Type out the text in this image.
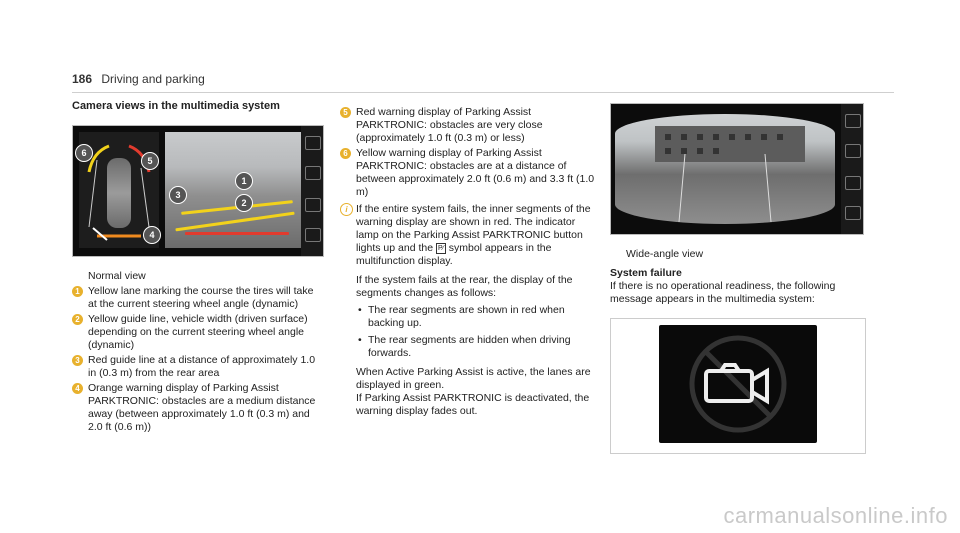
186 Driving and parking
Camera views in the multimedia system
6
5
3
1
2
4
Normal view
1 Yellow lane marking the course the tires will take at the current steering wheel angle (dynamic)
2 Yellow guide line, vehicle width (driven surface) depending on the current steering wheel angle (dynamic)
3 Red guide line at a distance of approximately 1.0 in (0.3 m) from the rear area
4 Orange warning display of Parking Assist PARKTRONIC: obstacles are a medium distance away (between approximately 1.0 ft (0.3 m) and 2.0 ft (0.6 m))
5 Red warning display of Parking Assist PARKTRONIC: obstacles are very close (approximately 1.0 ft (0.3 m) or less)
6 Yellow warning display of Parking Assist PARKTRONIC: obstacles are at a distance of between approximately 2.0 ft (0.6 m) and 3.3 ft (1.0 m)
i If the entire system fails, the inner segments of the warning display are shown in red. The indicator lamp on the Parking Assist PARKTRONIC button lights up and the P⁄ symbol appears in the multifunction display.
If the system fails at the rear, the display of the segments changes as follows:
• The rear segments are shown in red when backing up.
• The rear segments are hidden when driving forwards.
When Active Parking Assist is active, the lanes are displayed in green.
If Parking Assist PARKTRONIC is deactivated, the warning display fades out.
Wide-angle view
System failure
If there is no operational readiness, the following message appears in the multimedia system:
carmanualsonline.info
